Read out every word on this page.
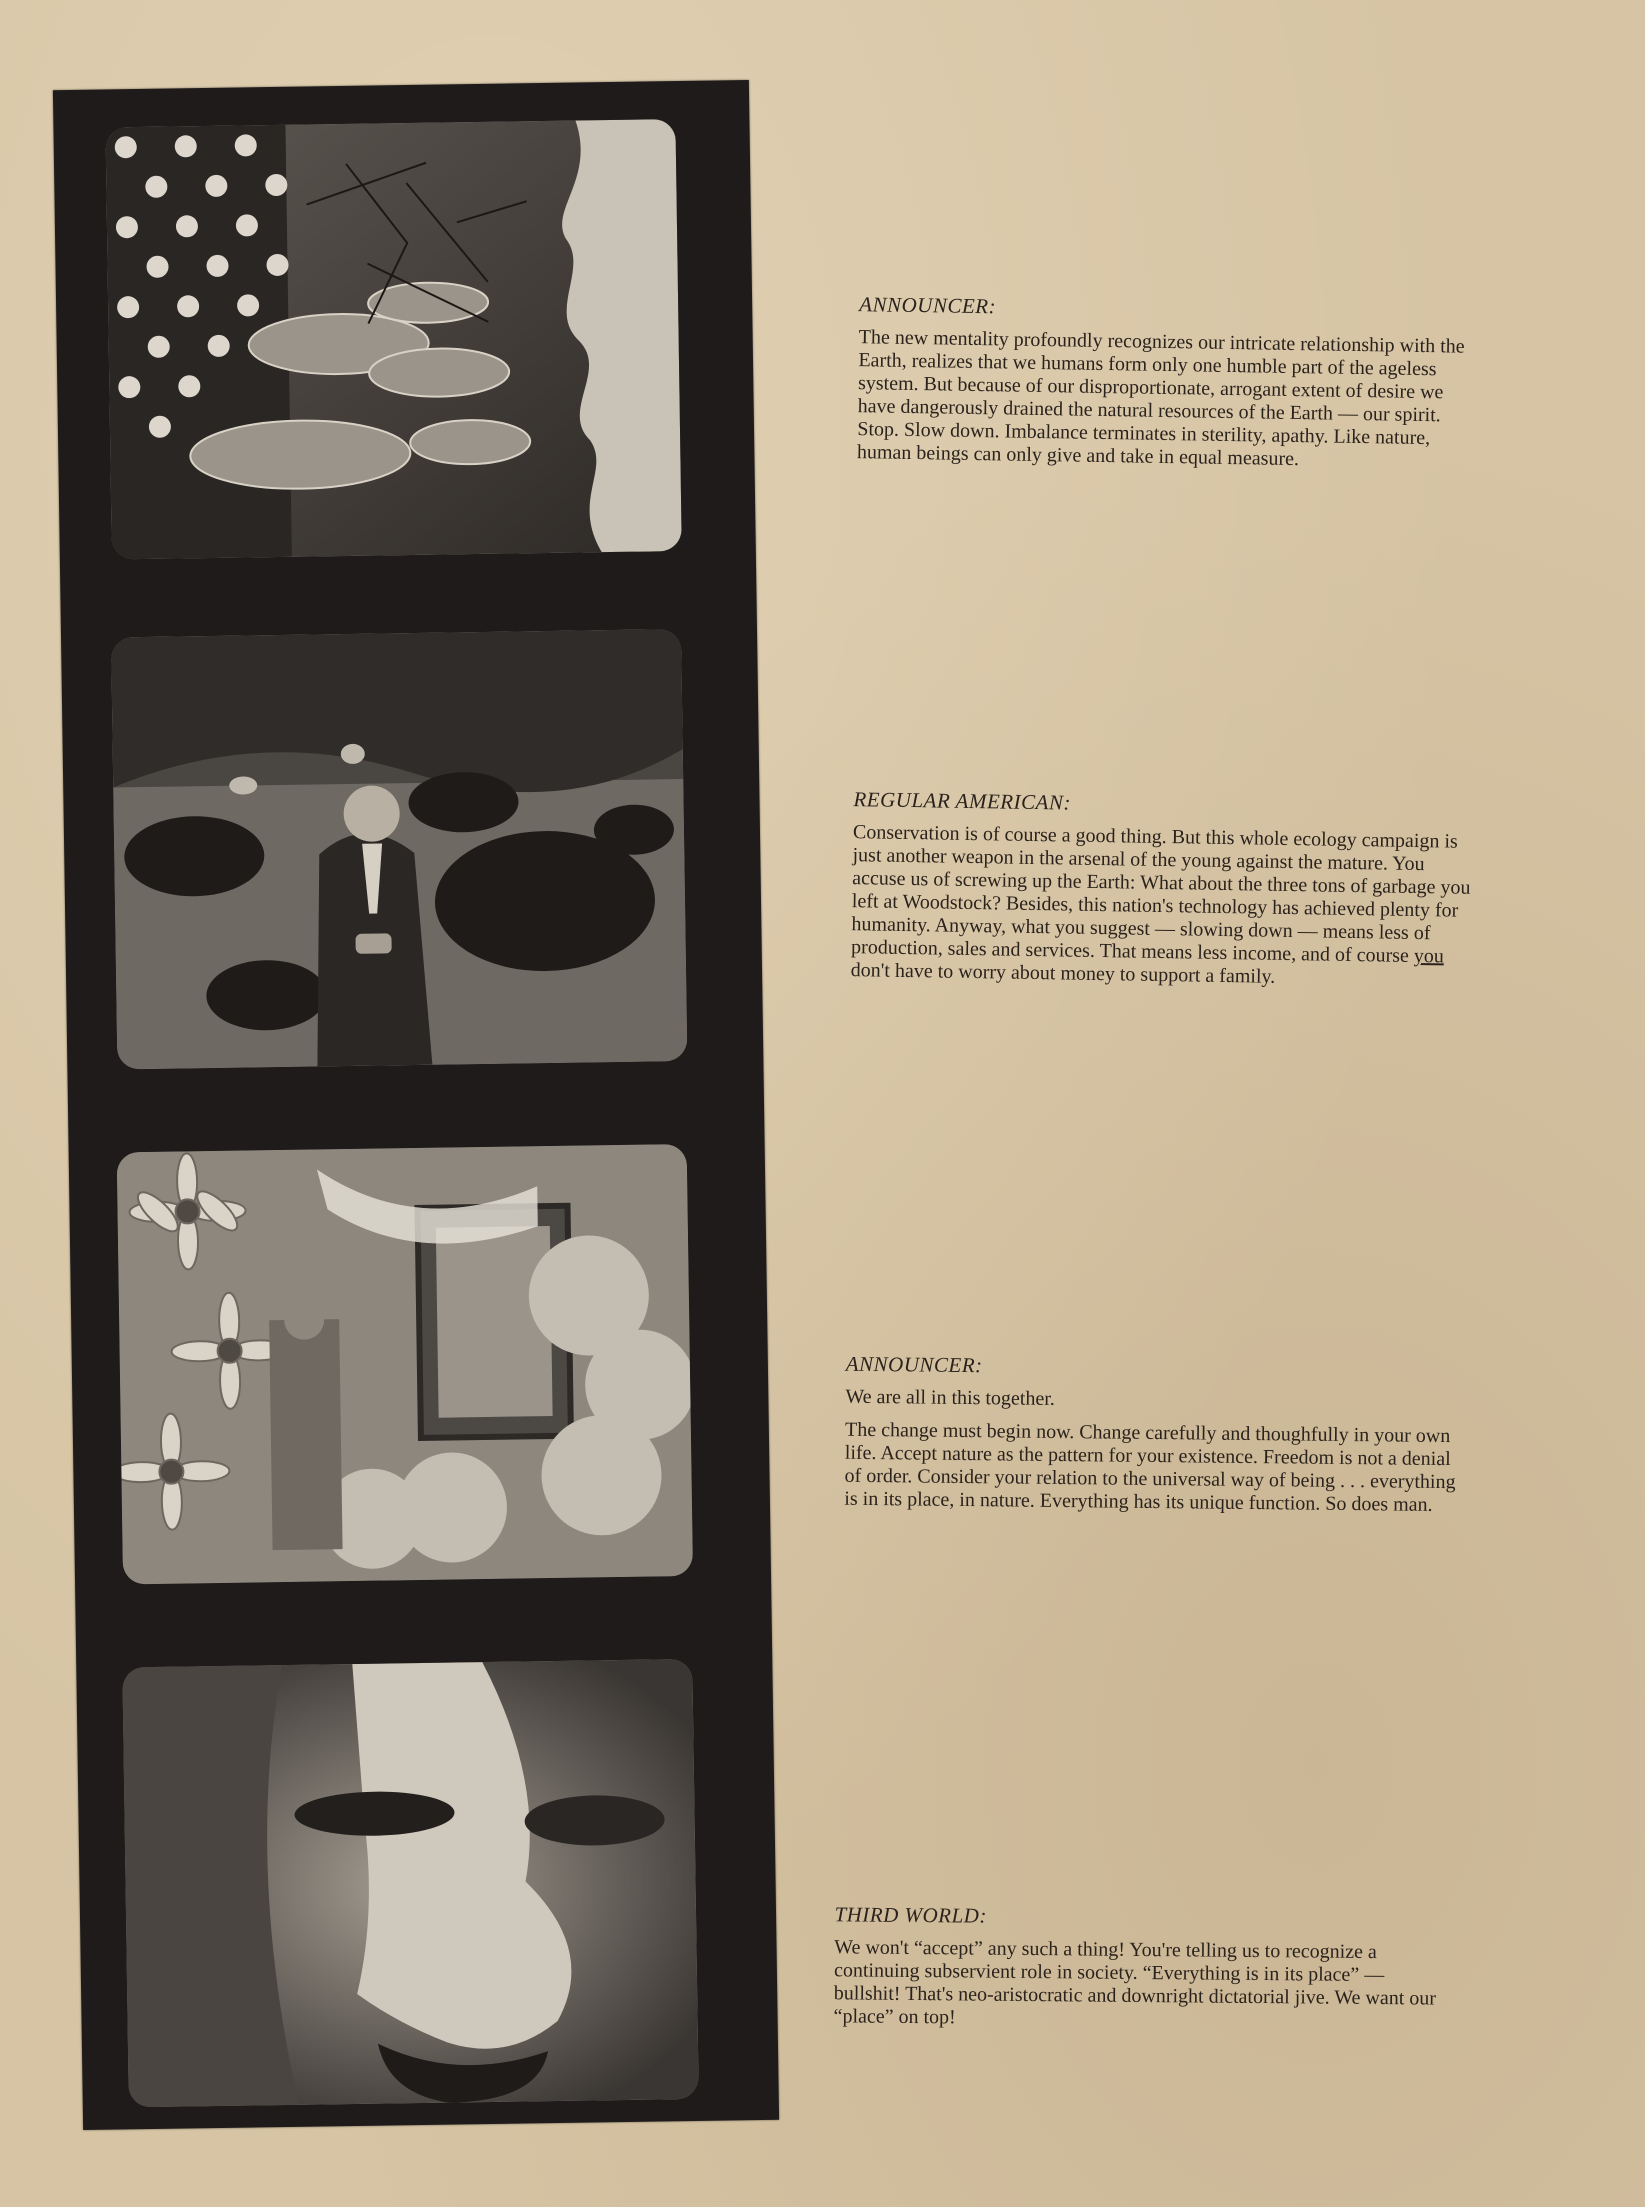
ANNOUNCER:

The new mentality profoundly recognizes our intricate relationship with the Earth, realizes that we humans form only one humble part of the ageless system. But because of our disproportionate, arrogant extent of desire we have dangerously drained the natural resources of the Earth — our spirit. Stop. Slow down. Imbalance terminates in sterility, apathy. Like nature, human beings can only give and take in equal measure.

REGULAR AMERICAN:

Conservation is of course a good thing. But this whole ecology campaign is just another weapon in the arsenal of the young against the mature. You accuse us of screwing up the Earth: What about the three tons of garbage you left at Woodstock? Besides, this nation's technology has achieved plenty for humanity. Anyway, what you suggest — slowing down — means less of production, sales and services. That means less income, and of course you don't have to worry about money to support a family.

ANNOUNCER:

We are all in this together.

The change must begin now. Change carefully and thoughfully in your own life. Accept nature as the pattern for your existence. Freedom is not a denial of order. Consider your relation to the universal way of being . . . everything is in its place, in nature. Everything has its unique function. So does man.

THIRD WORLD:

We won't “accept” any such a thing! You're telling us to recognize a continuing subservient role in society. “Everything is in its place” — bullshit! That's neo-aristocratic and downright dictatorial jive. We want our “place” on top!
